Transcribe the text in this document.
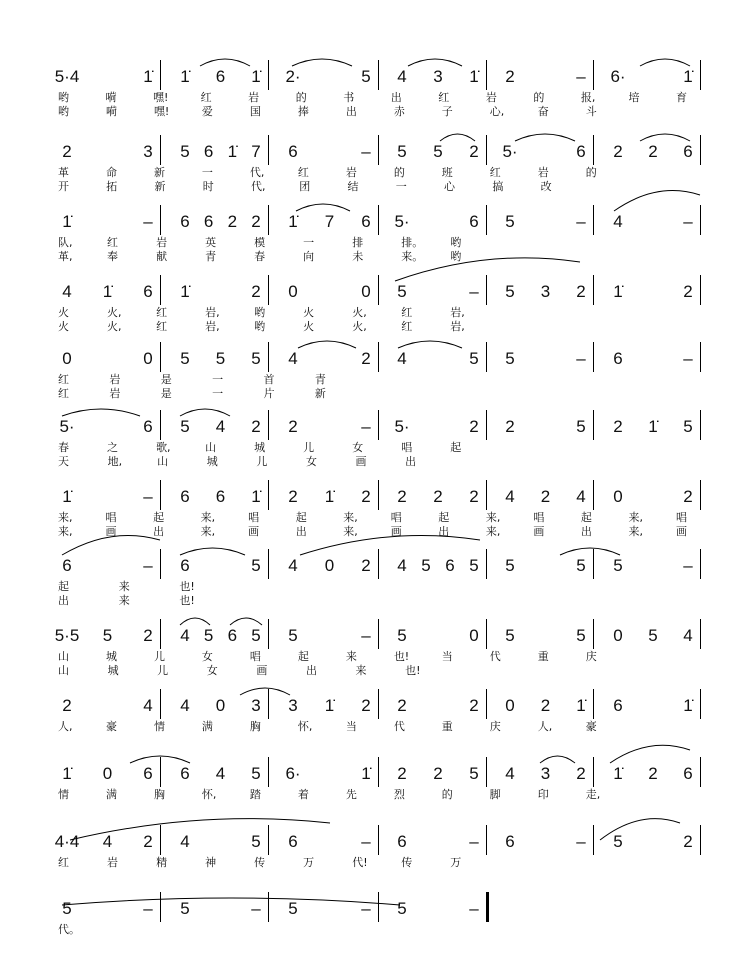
5·4	1̇	1̇	6	1̇	2·	5 4 3	1̇	2	–	6·	1̇
哟	嗬	嘿!	红	岩	的	书	出	红	岩	的	报,	培	育
哟	嗬	嘿!	爱	国	捧	出	赤	子	心,	奋	斗
2	3 5 6 1̇ 7 6	– 5 5 2	5·	6 2 2 6
革	命	新	一	代,	红	岩	的	班	红	岩	的
开	拓	新	时	代,	团	结	一	心	搞	改
1̇	– 6 6 2 2	1̇	7 6	5·	6 5	– 4	–
队,	红	岩	英	模	一	排	排。 哟
革,	奉	献	青	春	向	未	来。 哟
4	1̇	6	1̇	2 0	0 5	– 5 3 2	1̇	2
火	火,	红	岩,	哟	火	火,	红	岩,
火	火,	红	岩,	哟	火	火,	红	岩,
0	0 5 5 5 4	2 4	5 5	– 6	–
红	岩	是	一	首	青
红	岩	是	一	片	新
5·	6 5 4 2 2	–	5·	2 2	5 2	1̇	5
春	之	歌,	山	城	儿	女	唱	起
天	地,	山	城	儿	女	画	出
1̇	– 6 6	1̇	2	1̇	2 2 2 2 4 2 4 0	2
来,	唱	起	来,	唱	起	来,	唱	起	来,	唱	起	来,	唱
来,	画	出	来,	画	出	来,	画	出	来,	画	出	来,	画
6	– 6	5 4 0 2 4 5 6 5 5	5 5	–
起	来	也!
出	来	也!
5·5 5 2 4 5 6 5 5	– 5	0 5	5 0 5 4
山	城	儿	女	唱	起	来	也!	当	代	重	庆
山	城	儿	女	画	出	来	也!
2	4 4 0 3 3	1̇	2 2	2 0 2	1̇	6	1̇
人,	豪	情	满	胸	怀,	当	代	重	庆	人,	豪
1̇	0 6 6 4 5	6·	1̇	2 2 5 4 3 2	1̇	2 6
情	满	胸	怀,	踏	着	先	烈	的	脚	印	走,
4·4 4 2 4	5 6	– 6	– 6	– 5	2
红	岩	精	神	传	万	代!	传	万
5	– 5	– 5	– 5	–
代。
